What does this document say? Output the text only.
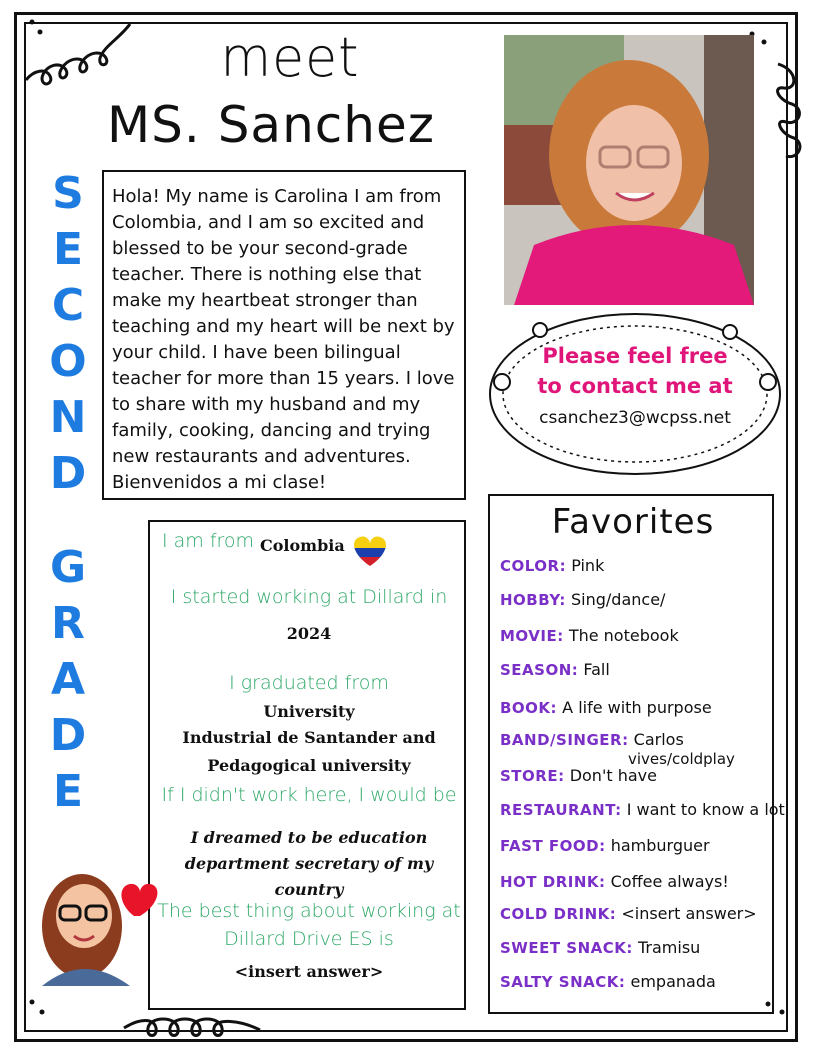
meet
MS. Sanchez
S
E
C
O
N
D
G
R
A
D
E

Hola! My name is Carolina I am from Colombia, and I am so excited and blessed to be your second-grade teacher. There is nothing else that make my heartbeat stronger than teaching and my heart will be next by your child. I have been bilingual teacher for more than 15 years. I love to share with my husband and my family, cooking, dancing and trying new restaurants and adventures. Bienvenidos a mi clase!

Please feel free
to contact me at
csanchez3@wcpss.net
I am from Colombia
I started working at Dillard in
2024
I graduated from
University
Industrial de Santander and
Pedagogical university
If I didn't work here, I would be
I dreamed to be education
department secretary of my
country
The best thing about working at
Dillard Drive ES is
<insert answer>
Favorites
COLOR: Pink
HOBBY: Sing/dance/
MOVIE: The notebook
SEASON: Fall
BOOK: A life with purpose
BAND/SINGER: Carlos
vives/coldplay
STORE: Don't have
RESTAURANT: I want to know a lot
FAST FOOD: hamburguer
HOT DRINK: Coffee always!
COLD DRINK: <insert answer>
SWEET SNACK: Tramisu
SALTY SNACK: empanada
